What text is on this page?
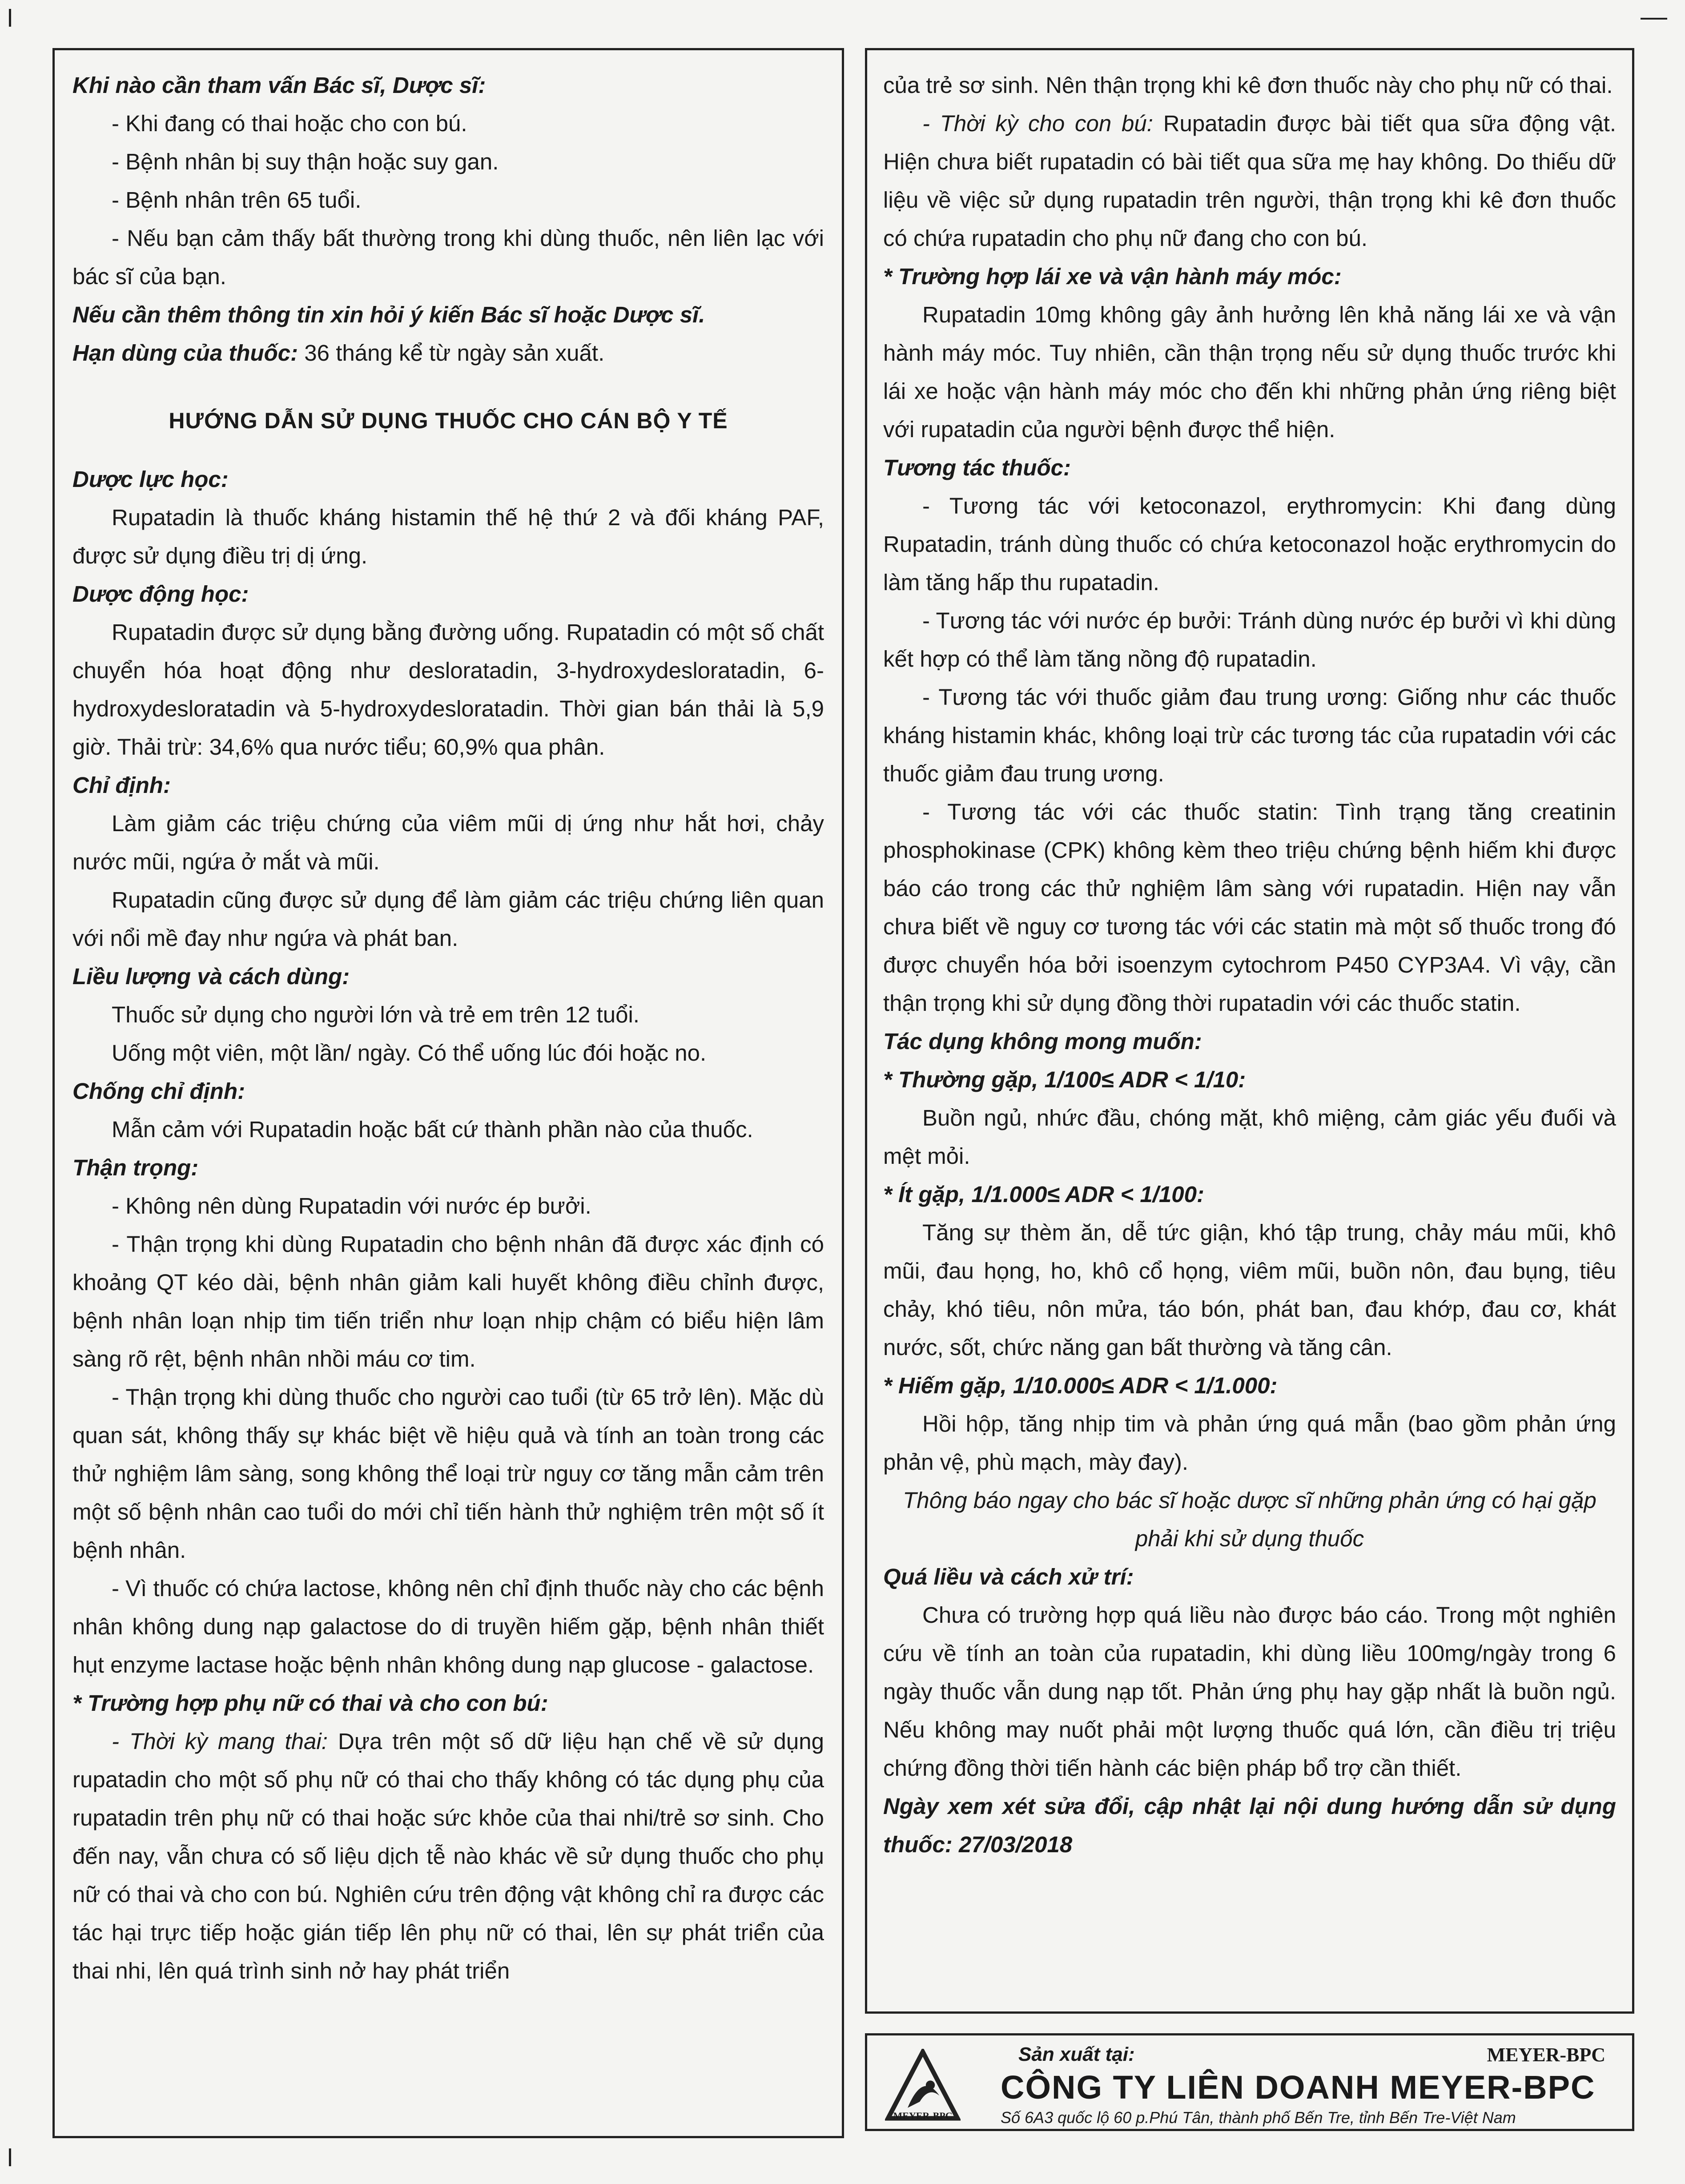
Khi nào cần tham vấn Bác sĩ, Dược sĩ:

- Khi đang có thai hoặc cho con bú.

- Bệnh nhân bị suy thận hoặc suy gan.

- Bệnh nhân trên 65 tuổi.

- Nếu bạn cảm thấy bất thường trong khi dùng thuốc, nên liên lạc với bác sĩ của bạn.

Nếu cần thêm thông tin xin hỏi ý kiến Bác sĩ hoặc Dược sĩ.

Hạn dùng của thuốc: 36 tháng kể từ ngày sản xuất.

HƯỚNG DẪN SỬ DỤNG THUỐC CHO CÁN BỘ Y TẾ
Dược lực học:

Rupatadin là thuốc kháng histamin thế hệ thứ 2 và đối kháng PAF, được sử dụng điều trị dị ứng.

Dược động học:

Rupatadin được sử dụng bằng đường uống. Rupatadin có một số chất chuyển hóa hoạt động như desloratadin, 3-hydroxydesloratadin, 6-hydroxydesloratadin và 5-hydroxydesloratadin. Thời gian bán thải là 5,9 giờ. Thải trừ: 34,6% qua nước tiểu; 60,9% qua phân.

Chỉ định:

Làm giảm các triệu chứng của viêm mũi dị ứng như hắt hơi, chảy nước mũi, ngứa ở mắt và mũi.

Rupatadin cũng được sử dụng để làm giảm các triệu chứng liên quan với nổi mề đay như ngứa và phát ban.

Liều lượng và cách dùng:

Thuốc sử dụng cho người lớn và trẻ em trên 12 tuổi.

Uống một viên, một lần/ ngày. Có thể uống lúc đói hoặc no.

Chống chỉ định:

Mẫn cảm với Rupatadin hoặc bất cứ thành phần nào của thuốc.

Thận trọng:

- Không nên dùng Rupatadin với nước ép bưởi.

- Thận trọng khi dùng Rupatadin cho bệnh nhân đã được xác định có khoảng QT kéo dài, bệnh nhân giảm kali huyết không điều chỉnh được, bệnh nhân loạn nhịp tim tiến triển như loạn nhịp chậm có biểu hiện lâm sàng rõ rệt, bệnh nhân nhồi máu cơ tim.

- Thận trọng khi dùng thuốc cho người cao tuổi (từ 65 trở lên). Mặc dù quan sát, không thấy sự khác biệt về hiệu quả và tính an toàn trong các thử nghiệm lâm sàng, song không thể loại trừ nguy cơ tăng mẫn cảm trên một số bệnh nhân cao tuổi do mới chỉ tiến hành thử nghiệm trên một số ít bệnh nhân.

- Vì thuốc có chứa lactose, không nên chỉ định thuốc này cho các bệnh nhân không dung nạp galactose do di truyền hiếm gặp, bệnh nhân thiết hụt enzyme lactase hoặc bệnh nhân không dung nạp glucose - galactose.

* Trường hợp phụ nữ có thai và cho con bú:

- Thời kỳ mang thai: Dựa trên một số dữ liệu hạn chế về sử dụng rupatadin cho một số phụ nữ có thai cho thấy không có tác dụng phụ của rupatadin trên phụ nữ có thai hoặc sức khỏe của thai nhi/trẻ sơ sinh. Cho đến nay, vẫn chưa có số liệu dịch tễ nào khác về sử dụng thuốc cho phụ nữ có thai và cho con bú. Nghiên cứu trên động vật không chỉ ra được các tác hại trực tiếp hoặc gián tiếp lên phụ nữ có thai, lên sự phát triển của thai nhi, lên quá trình sinh nở hay phát triển

của trẻ sơ sinh. Nên thận trọng khi kê đơn thuốc này cho phụ nữ có thai.

- Thời kỳ cho con bú: Rupatadin được bài tiết qua sữa động vật. Hiện chưa biết rupatadin có bài tiết qua sữa mẹ hay không. Do thiếu dữ liệu về việc sử dụng rupatadin trên người, thận trọng khi kê đơn thuốc có chứa rupatadin cho phụ nữ đang cho con bú.

* Trường hợp lái xe và vận hành máy móc:

Rupatadin 10mg không gây ảnh hưởng lên khả năng lái xe và vận hành máy móc. Tuy nhiên, cần thận trọng nếu sử dụng thuốc trước khi lái xe hoặc vận hành máy móc cho đến khi những phản ứng riêng biệt với rupatadin của người bệnh được thể hiện.

Tương tác thuốc:

- Tương tác với ketoconazol, erythromycin: Khi đang dùng Rupatadin, tránh dùng thuốc có chứa ketoconazol hoặc erythromycin do làm tăng hấp thu rupatadin.

- Tương tác với nước ép bưởi: Tránh dùng nước ép bưởi vì khi dùng kết hợp có thể làm tăng nồng độ rupatadin.

- Tương tác với thuốc giảm đau trung ương: Giống như các thuốc kháng histamin khác, không loại trừ các tương tác của rupatadin với các thuốc giảm đau trung ương.

- Tương tác với các thuốc statin: Tình trạng tăng creatinin phosphokinase (CPK) không kèm theo triệu chứng bệnh hiếm khi được báo cáo trong các thử nghiệm lâm sàng với rupatadin. Hiện nay vẫn chưa biết về nguy cơ tương tác với các statin mà một số thuốc trong đó được chuyển hóa bởi isoenzym cytochrom P450 CYP3A4. Vì vậy, cần thận trọng khi sử dụng đồng thời rupatadin với các thuốc statin.

Tác dụng không mong muốn:
* Thường gặp, 1/100≤ ADR < 1/10:

Buồn ngủ, nhức đầu, chóng mặt, khô miệng, cảm giác yếu đuối và mệt mỏi.

* Ít gặp, 1/1.000≤ ADR < 1/100:

Tăng sự thèm ăn, dễ tức giận, khó tập trung, chảy máu mũi, khô mũi, đau họng, ho, khô cổ họng, viêm mũi, buồn nôn, đau bụng, tiêu chảy, khó tiêu, nôn mửa, táo bón, phát ban, đau khớp, đau cơ, khát nước, sốt, chức năng gan bất thường và tăng cân.

* Hiếm gặp, 1/10.000≤ ADR < 1/1.000:

Hồi hộp, tăng nhịp tim và phản ứng quá mẫn (bao gồm phản ứng phản vệ, phù mạch, mày đay).

Thông báo ngay cho bác sĩ hoặc dược sĩ những phản ứng có hại gặp phải khi sử dụng thuốc
Quá liều và cách xử trí:

Chưa có trường hợp quá liều nào được báo cáo. Trong một nghiên cứu về tính an toàn của rupatadin, khi dùng liều 100mg/ngày trong 6 ngày thuốc vẫn dung nạp tốt. Phản ứng phụ hay gặp nhất là buồn ngủ. Nếu không may nuốt phải một lượng thuốc quá lớn, cần điều trị triệu chứng đồng thời tiến hành các biện pháp bổ trợ cần thiết.

Ngày xem xét sửa đổi, cập nhật lại nội dung hướng dẫn sử dụng thuốc: 27/03/2018

MEYER-BPC
Sản xuất tại:	MEYER-BPC
CÔNG TY LIÊN DOANH MEYER-BPC
Số 6A3 quốc lộ 60 p.Phú Tân, thành phố Bến Tre, tỉnh Bến Tre-Việt Nam
